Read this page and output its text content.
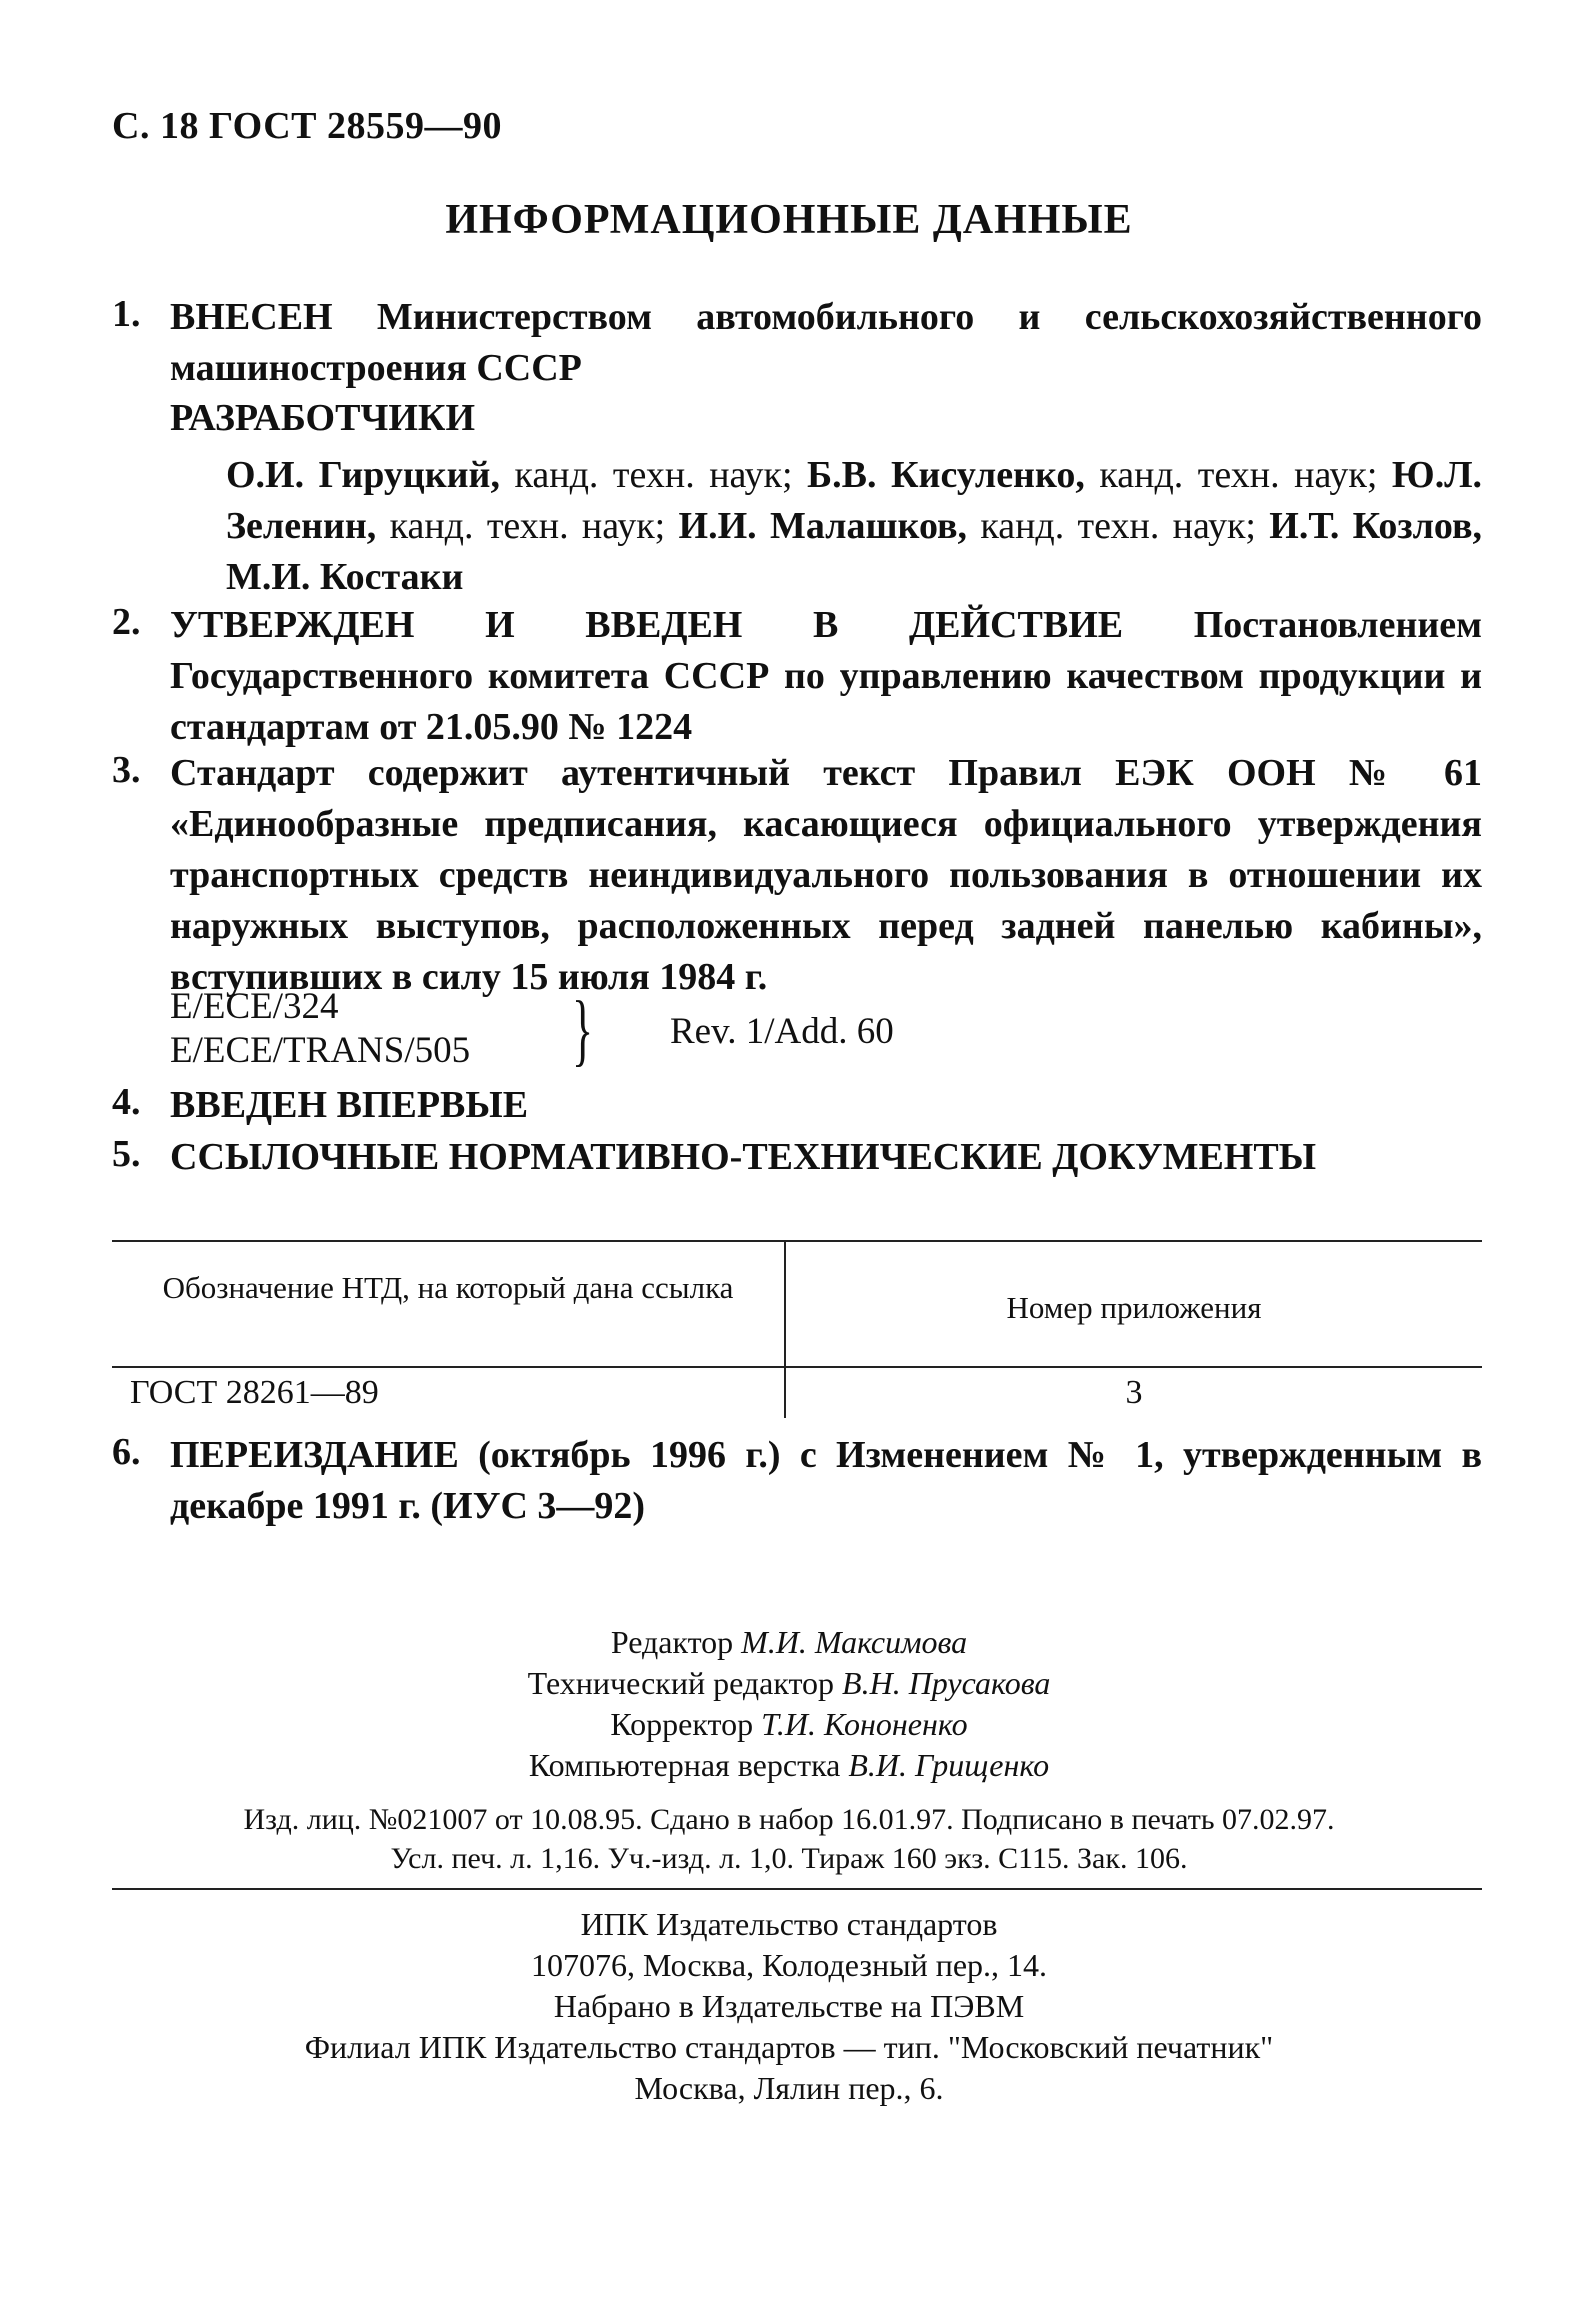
С. 18 ГОСТ 28559—90
ИНФОРМАЦИОННЫЕ ДАННЫЕ
1. ВНЕСЕН Министерством автомобильного и сельскохозяйственного машиностроения СССР
РАЗРАБОТЧИКИ
О.И. Гируцкий, канд. техн. наук; Б.В. Кисуленко, канд. техн. наук; Ю.Л. Зеленин, канд. техн. наук; И.И. Малашков, канд. техн. наук; И.Т. Козлов, М.И. Костаки
2. УТВЕРЖДЕН И ВВЕДЕН В ДЕЙСТВИЕ Постановлением Государственного комитета СССР по управлению качеством продукции и стандартам от 21.05.90 № 1224
3. Стандарт содержит аутентичный текст Правил ЕЭК ООН № 61 «Единообразные предписания, касающиеся официального утверждения транспортных средств неиндивидуального пользования в отношении их наружных выступов, расположенных перед задней панелью кабины», вступивших в силу 15 июля 1984 г.
E/ECE/324
E/ECE/TRANS/505 } Rev. 1/Add. 60
4. ВВЕДЕН ВПЕРВЫЕ
5. ССЫЛОЧНЫЕ НОРМАТИВНО-ТЕХНИЧЕСКИЕ ДОКУМЕНТЫ
Обозначение НТД, на который дана ссылка
Номер приложения
ГОСТ 28261—89	3
6. ПЕРЕИЗДАНИЕ (октябрь 1996 г.) с Изменением № 1, утвержденным в декабре 1991 г. (ИУС 3—92)
Редактор М.И. Максимова
Технический редактор В.Н. Прусакова
Корректор Т.И. Кононенко
Компьютерная верстка В.И. Грищенко
Изд. лиц. №021007 от 10.08.95. Сдано в набор 16.01.97. Подписано в печать 07.02.97.
Усл. печ. л. 1,16. Уч.-изд. л. 1,0. Тираж 160 экз. С115. Зак. 106.
ИПК Издательство стандартов
107076, Москва, Колодезный пер., 14.
Набрано в Издательстве на ПЭВМ
Филиал ИПК Издательство стандартов — тип. "Московский печатник"
Москва, Лялин пер., 6.
